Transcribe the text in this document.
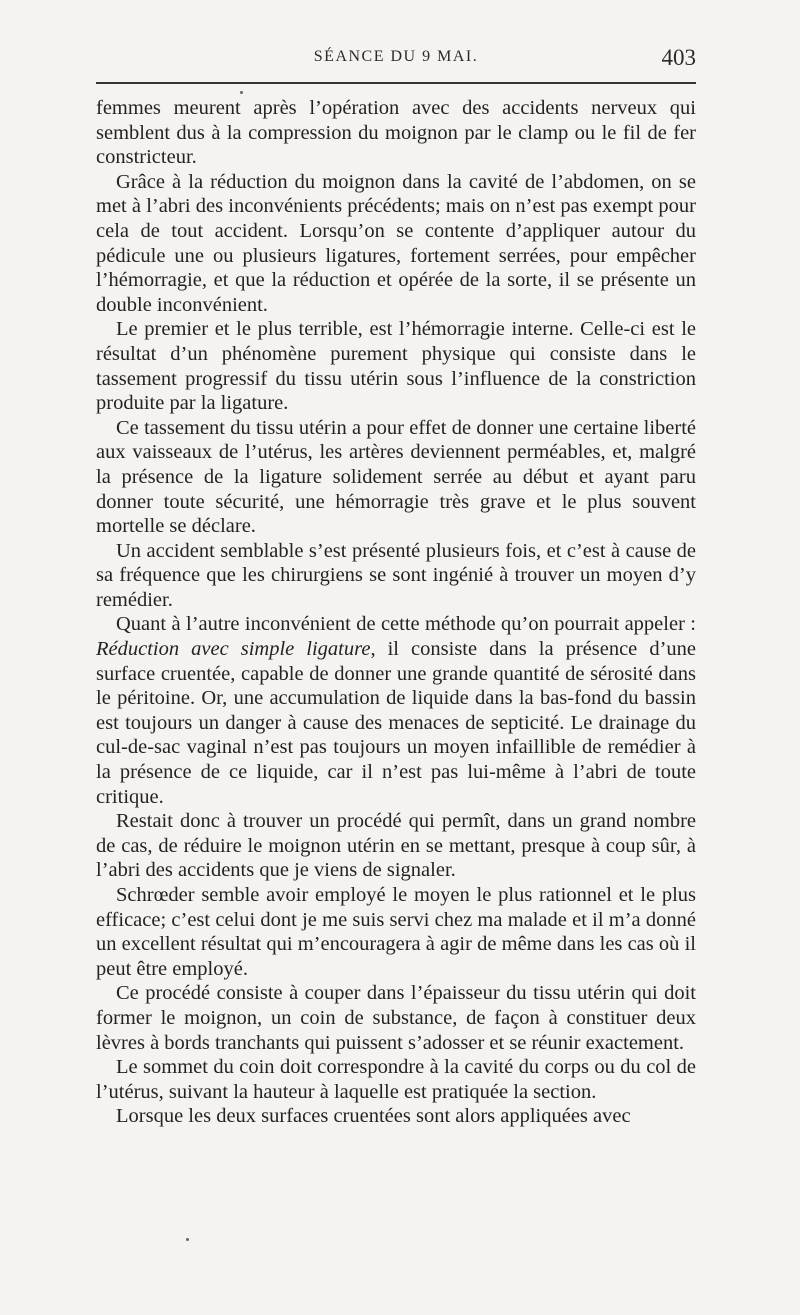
SÉANCE DU 9 MAI.	403

femmes meurent après l’opération avec des accidents nerveux qui semblent dus à la compression du moignon par le clamp ou le fil de fer constricteur.

Grâce à la réduction du moignon dans la cavité de l’abdomen, on se met à l’abri des inconvénients précédents; mais on n’est pas exempt pour cela de tout accident. Lorsqu’on se contente d’appliquer autour du pédicule une ou plusieurs ligatures, fortement serrées, pour empêcher l’hémorragie, et que la réduction et opérée de la sorte, il se présente un double inconvénient.

Le premier et le plus terrible, est l’hémorragie interne. Celle-ci est le résultat d’un phénomène purement physique qui consiste dans le tassement progressif du tissu utérin sous l’influence de la constriction produite par la ligature.

Ce tassement du tissu utérin a pour effet de donner une certaine liberté aux vaisseaux de l’utérus, les artères deviennent perméables, et, malgré la présence de la ligature solidement serrée au début et ayant paru donner toute sécurité, une hémorragie très grave et le plus souvent mortelle se déclare.

Un accident semblable s’est présenté plusieurs fois, et c’est à cause de sa fréquence que les chirurgiens se sont ingénié à trouver un moyen d’y remédier.

Quant à l’autre inconvénient de cette méthode qu’on pourrait appeler : Réduction avec simple ligature, il consiste dans la présence d’une surface cruentée, capable de donner une grande quantité de sérosité dans le péritoine. Or, une accumulation de liquide dans la bas-fond du bassin est toujours un danger à cause des menaces de septicité. Le drainage du cul-de-sac vaginal n’est pas toujours un moyen infaillible de remédier à la présence de ce liquide, car il n’est pas lui-même à l’abri de toute critique.

Restait donc à trouver un procédé qui permît, dans un grand nombre de cas, de réduire le moignon utérin en se mettant, presque à coup sûr, à l’abri des accidents que je viens de signaler.

Schrœder semble avoir employé le moyen le plus rationnel et le plus efficace; c’est celui dont je me suis servi chez ma malade et il m’a donné un excellent résultat qui m’encouragera à agir de même dans les cas où il peut être employé.

Ce procédé consiste à couper dans l’épaisseur du tissu utérin qui doit former le moignon, un coin de substance, de façon à constituer deux lèvres à bords tranchants qui puissent s’adosser et se réunir exactement.

Le sommet du coin doit correspondre à la cavité du corps ou du col de l’utérus, suivant la hauteur à laquelle est pratiquée la section.

Lorsque les deux surfaces cruentées sont alors appliquées avec
